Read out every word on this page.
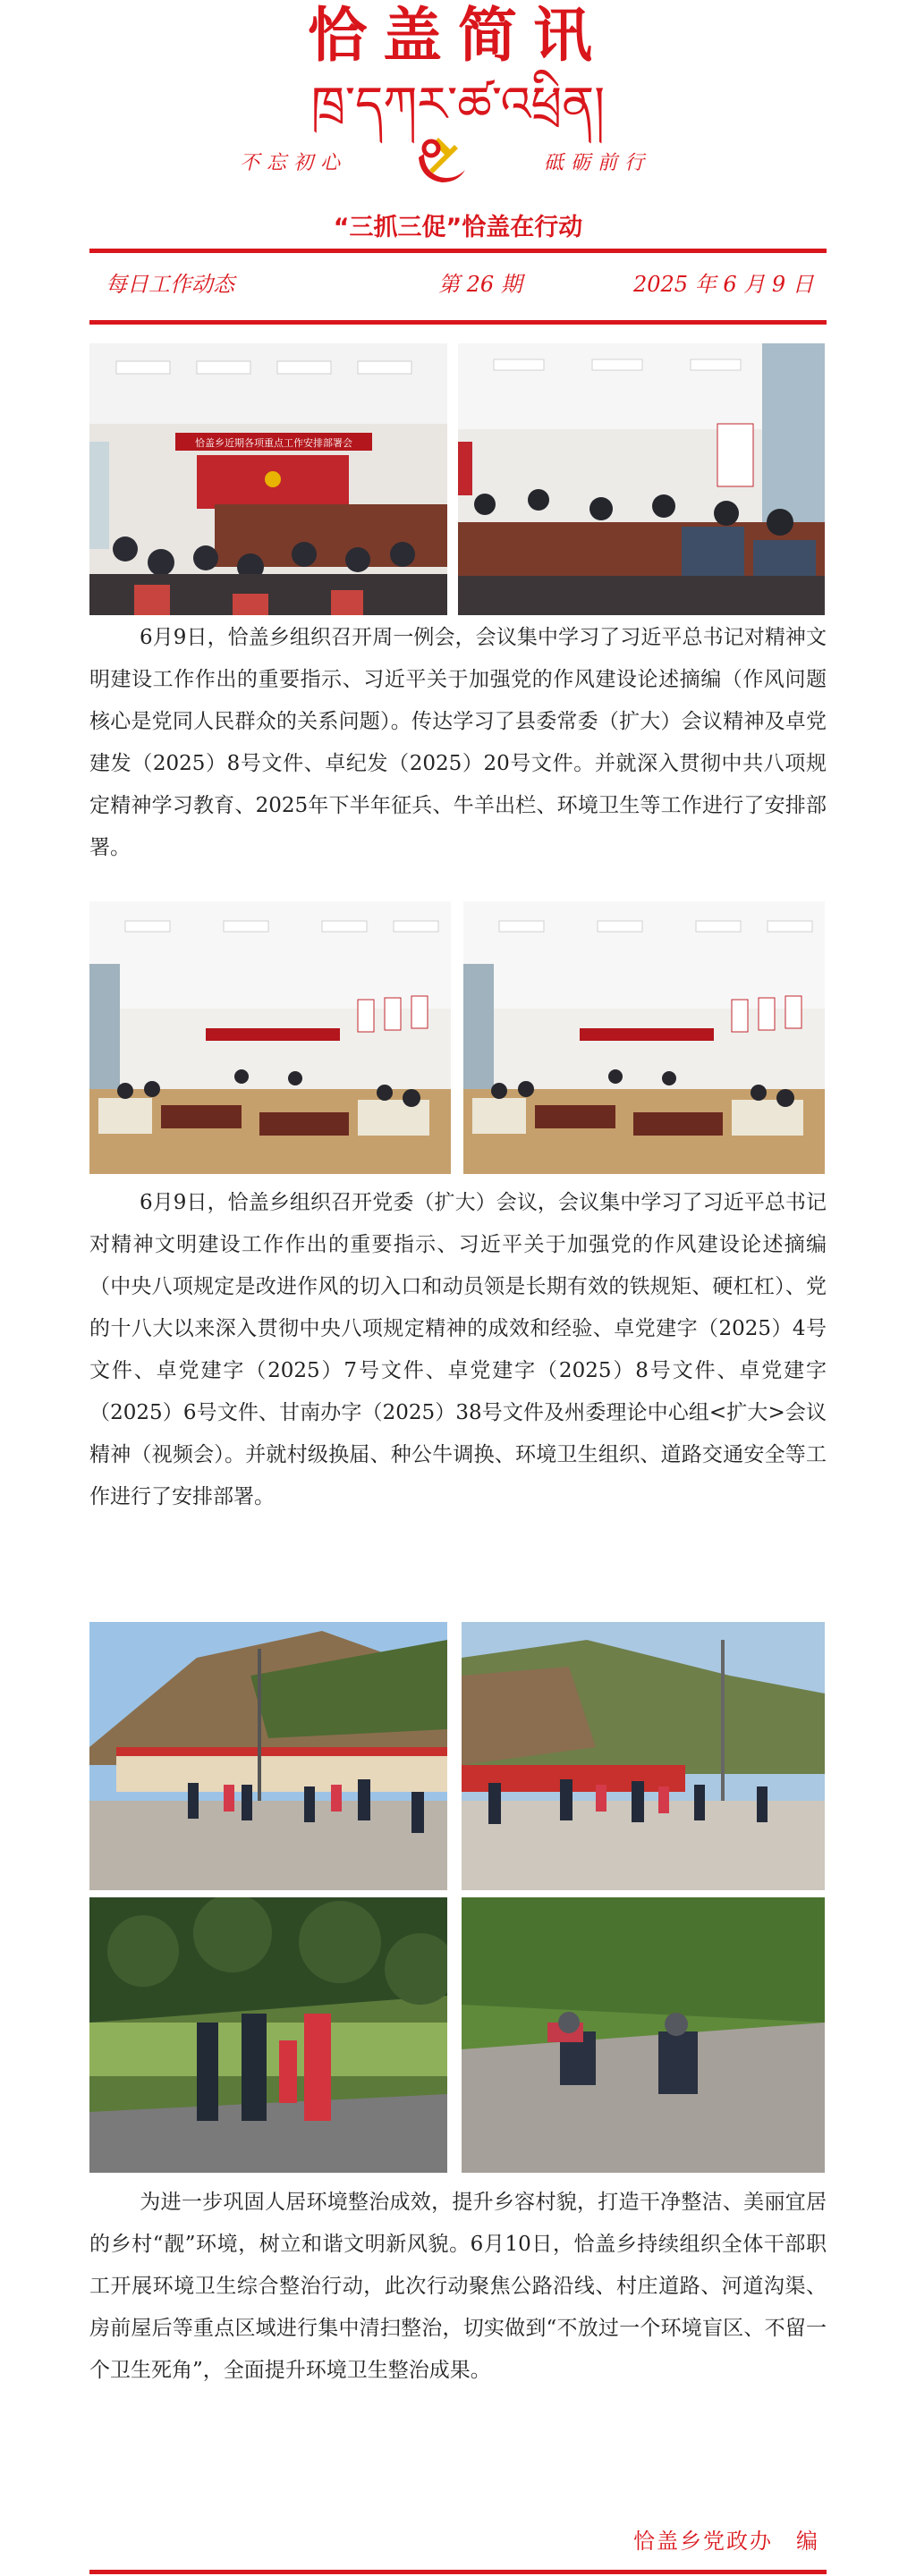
恰盖简讯
ཁྲ་དཀར་ཚ་འཕྲིན།
不忘初心	砥砺前行
“三抓三促”恰盖在行动
每日工作动态	第 26 期	2025 年 6 月 9 日
恰盖乡近期各项重点工作安排部署会

6月9日，恰盖乡组织召开周一例会，会议集中学习了习近平总书记对精神文明建设工作作出的重要指示、习近平关于加强党的作风建设论述摘编（作风问题核心是党同人民群众的关系问题）。传达学习了县委常委（扩大）会议精神及卓党建发（2025）8号文件、卓纪发（2025）20号文件。并就深入贯彻中共八项规定精神学习教育、2025年下半年征兵、牛羊出栏、环境卫生等工作进行了安排部署。

6月9日，恰盖乡组织召开党委（扩大）会议，会议集中学习了习近平总书记对精神文明建设工作作出的重要指示、习近平关于加强党的作风建设论述摘编（中央八项规定是改进作风的切入口和动员领是长期有效的铁规矩、硬杠杠）、党的十八大以来深入贯彻中央八项规定精神的成效和经验、卓党建字（2025）4号文件、卓党建字（2025）7号文件、卓党建字（2025）8号文件、卓党建字（2025）6号文件、甘南办字（2025）38号文件及州委理论中心组<扩大>会议精神（视频会）。并就村级换届、种公牛调换、环境卫生组织、道路交通安全等工作进行了安排部署。

为进一步巩固人居环境整治成效，提升乡容村貌，打造干净整洁、美丽宜居的乡村“靓”环境，树立和谐文明新风貌。6月10日，恰盖乡持续组织全体干部职工开展环境卫生综合整治行动，此次行动聚焦公路沿线、村庄道路、河道沟渠、房前屋后等重点区域进行集中清扫整治，切实做到“不放过一个环境盲区、不留一个卫生死角”，全面提升环境卫生整治成果。

恰盖乡党政办　编
